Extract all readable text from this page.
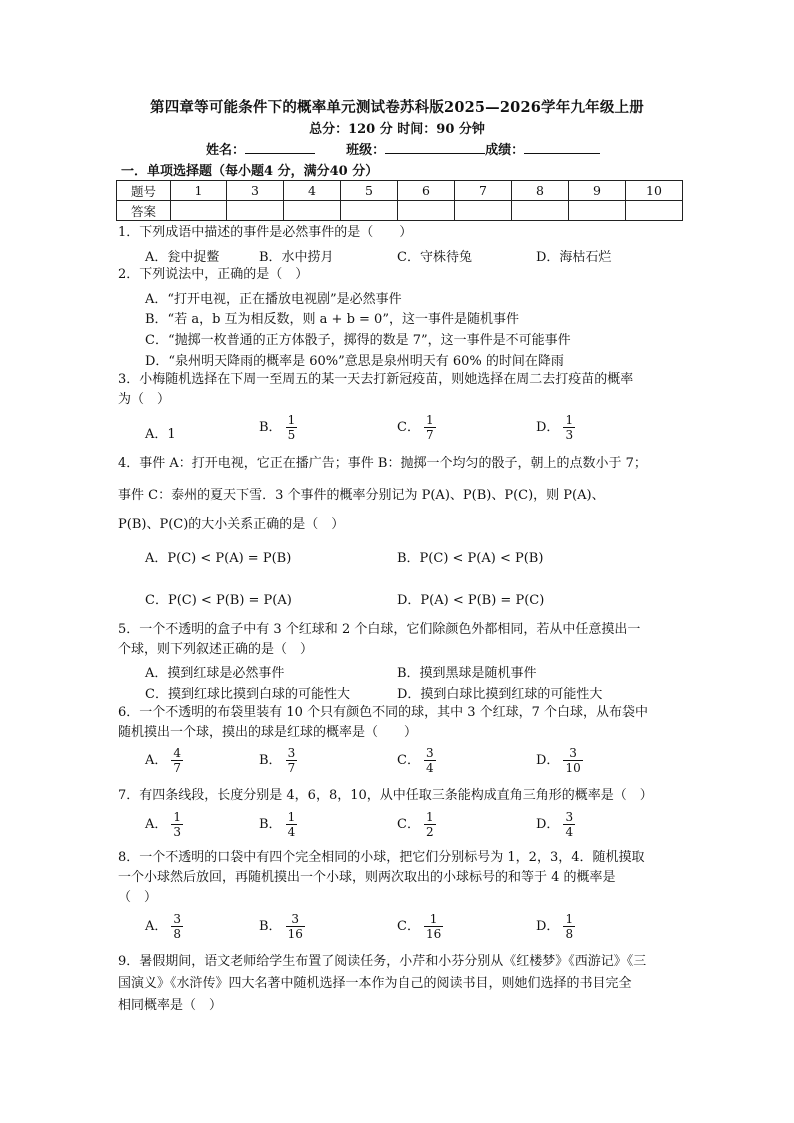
第四章等可能条件下的概率单元测试卷苏科版2025—2026学年九年级上册
总分：120 分 时间：90 分钟
姓名：	班级：	成绩：
一．单项选择题（每小题4 分，满分40 分）
题号	1	3	4	5	6	7	8	9	10
答案									
1．下列成语中描述的事件是必然事件的是（　　）
A．瓮中捉鳖	B．水中捞月	C．守株待兔	D．海枯石烂
2．下列说法中，正确的是（　）
A．“打开电视，正在播放电视剧”是必然事件
B．“若 a，b 互为相反数，则 a + b = 0”，这一事件是随机事件
C．“抛掷一枚普通的正方体骰子，掷得的数是 7”，这一事件是不可能事件
D．“泉州明天降雨的概率是 60%”意思是泉州明天有 60% 的时间在降雨
3．小梅随机选择在下周一至周五的某一天去打新冠疫苗，则她选择在周二去打疫苗的概率
为（　）
A．1	B． $\frac{1}{5}$	C． $\frac{1}{7}$	D． $\frac{1}{3}$
4．事件 A：打开电视，它正在播广告；事件 B：抛掷一个均匀的骰子，朝上的点数小于 7；
事件 C：泰州的夏天下雪．3 个事件的概率分别记为 P(A)、P(B)、P(C)，则 P(A)、
P(B)、P(C)的大小关系正确的是（　）
A．P(C) < P(A) = P(B)	B．P(C) < P(A) < P(B)
C．P(C) < P(B) = P(A)	D．P(A) < P(B) = P(C)
5．一个不透明的盒子中有 3 个红球和 2 个白球，它们除颜色外都相同，若从中任意摸出一
个球，则下列叙述正确的是（　）
A．摸到红球是必然事件	B．摸到黑球是随机事件
C．摸到红球比摸到白球的可能性大	D．摸到白球比摸到红球的可能性大
6．一个不透明的布袋里装有 10 个只有颜色不同的球，其中 3 个红球，7 个白球，从布袋中
随机摸出一个球，摸出的球是红球的概率是（　　）
A． $\frac{4}{7}$	B． $\frac{3}{7}$	C． $\frac{3}{4}$	D． $\frac{3}{10}$
7．有四条线段，长度分别是 4，6，8，10，从中任取三条能构成直角三角形的概率是（　）
A． $\frac{1}{3}$	B． $\frac{1}{4}$	C． $\frac{1}{2}$	D． $\frac{3}{4}$
8．一个不透明的口袋中有四个完全相同的小球，把它们分别标号为 1，2，3，4．随机摸取
一个小球然后放回，再随机摸出一个小球，则两次取出的小球标号的和等于 4 的概率是
（　）
A． $\frac{3}{8}$	B． $\frac{3}{16}$	C． $\frac{1}{16}$	D． $\frac{1}{8}$
9．暑假期间，语文老师给学生布置了阅读任务，小芹和小芬分别从《红楼梦》《西游记》《三
国演义》《水浒传》四大名著中随机选择一本作为自己的阅读书目，则她们选择的书目完全
相同概率是（　）
